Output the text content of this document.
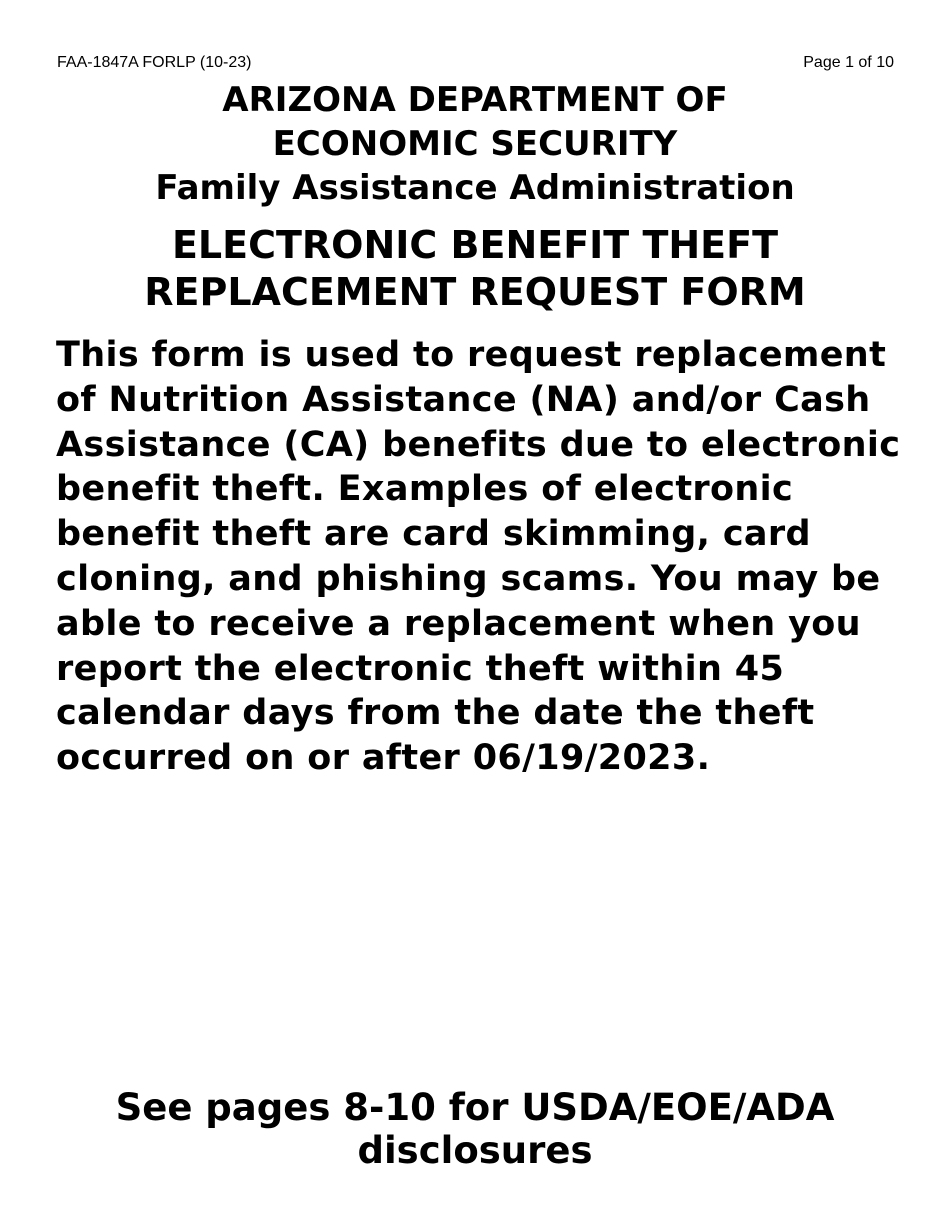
FAA-1847A FORLP (10-23)	Page 1 of 10
ARIZONA DEPARTMENT OF
ECONOMIC SECURITY
Family Assistance Administration
ELECTRONIC BENEFIT THEFT
REPLACEMENT REQUEST FORM

This form is used to request replacement of Nutrition Assistance (NA) and/or Cash Assistance (CA) benefits due to electronic benefit theft. Examples of electronic benefit theft are card skimming, card cloning, and phishing scams. You may be able to receive a replacement when you report the electronic theft within 45 calendar days from the date the theft occurred on or after 06/19/2023.

See pages 8-10 for USDA/EOE/ADA
disclosures
